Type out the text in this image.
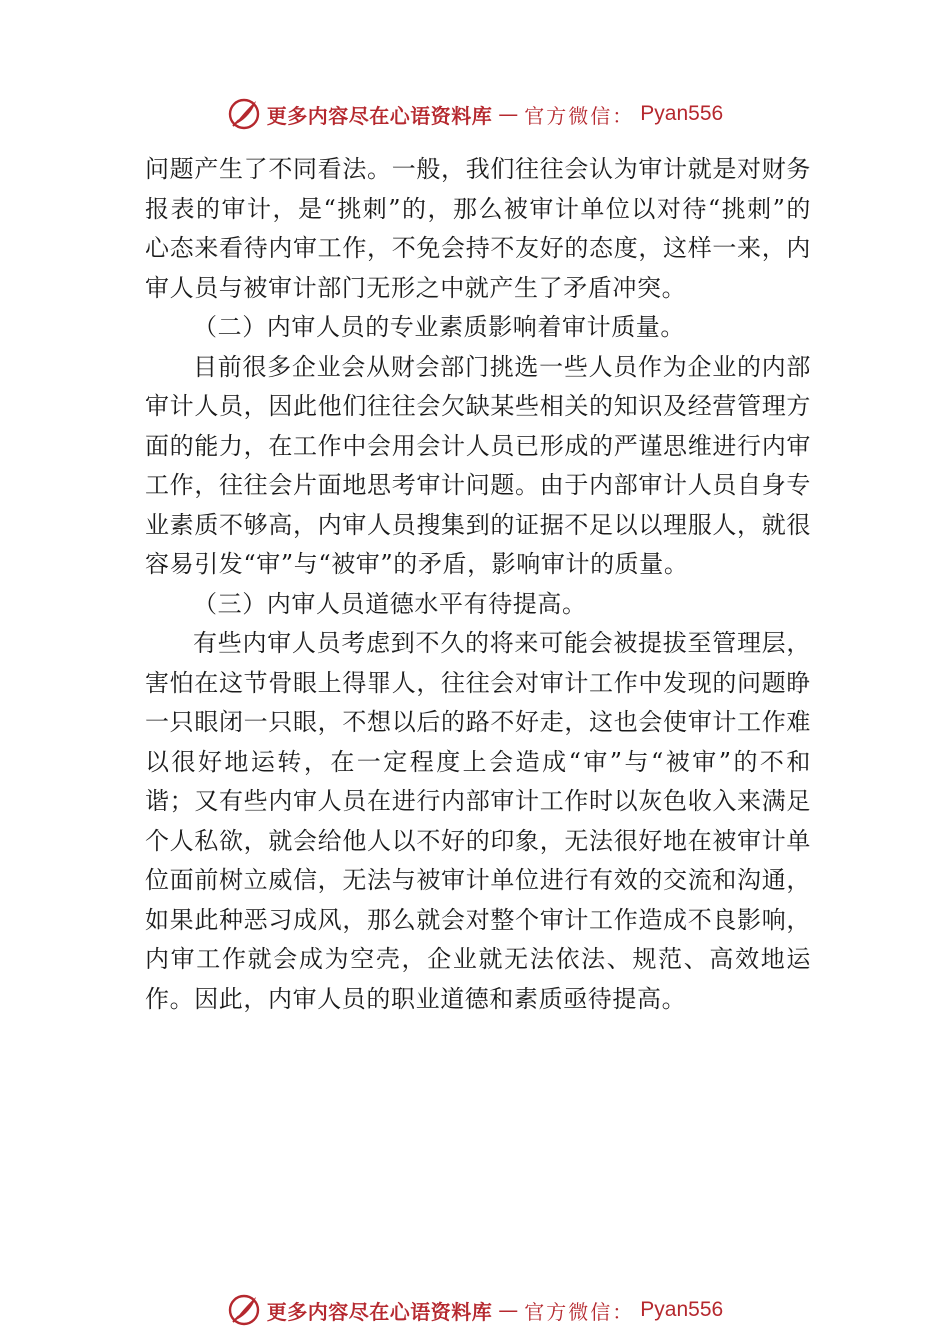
更多内容尽在心语资料库 — 官方微信： Pyan556

问题产生了不同看法。一般，我们往往会认为审计就是对财务报表的审计，是“挑刺”的，那么被审计单位以对待“挑刺”的心态来看待内审工作，不免会持不友好的态度，这样一来，内审人员与被审计部门无形之中就产生了矛盾冲突。

（二）内审人员的专业素质影响着审计质量。

目前很多企业会从财会部门挑选一些人员作为企业的内部审计人员，因此他们往往会欠缺某些相关的知识及经营管理方面的能力，在工作中会用会计人员已形成的严谨思维进行内审工作，往往会片面地思考审计问题。由于内部审计人员自身专业素质不够高，内审人员搜集到的证据不足以以理服人，就很容易引发“审”与“被审”的矛盾，影响审计的质量。

（三）内审人员道德水平有待提高。

有些内审人员考虑到不久的将来可能会被提拔至管理层，害怕在这节骨眼上得罪人，往往会对审计工作中发现的问题睁一只眼闭一只眼，不想以后的路不好走，这也会使审计工作难以很好地运转，在一定程度上会造成“审”与“被审”的不和谐；又有些内审人员在进行内部审计工作时以灰色收入来满足个人私欲，就会给他人以不好的印象，无法很好地在被审计单位面前树立威信，无法与被审计单位进行有效的交流和沟通，如果此种恶习成风，那么就会对整个审计工作造成不良影响，内审工作就会成为空壳，企业就无法依法、规范、高效地运作。因此，内审人员的职业道德和素质亟待提高。

更多内容尽在心语资料库 — 官方微信： Pyan556
